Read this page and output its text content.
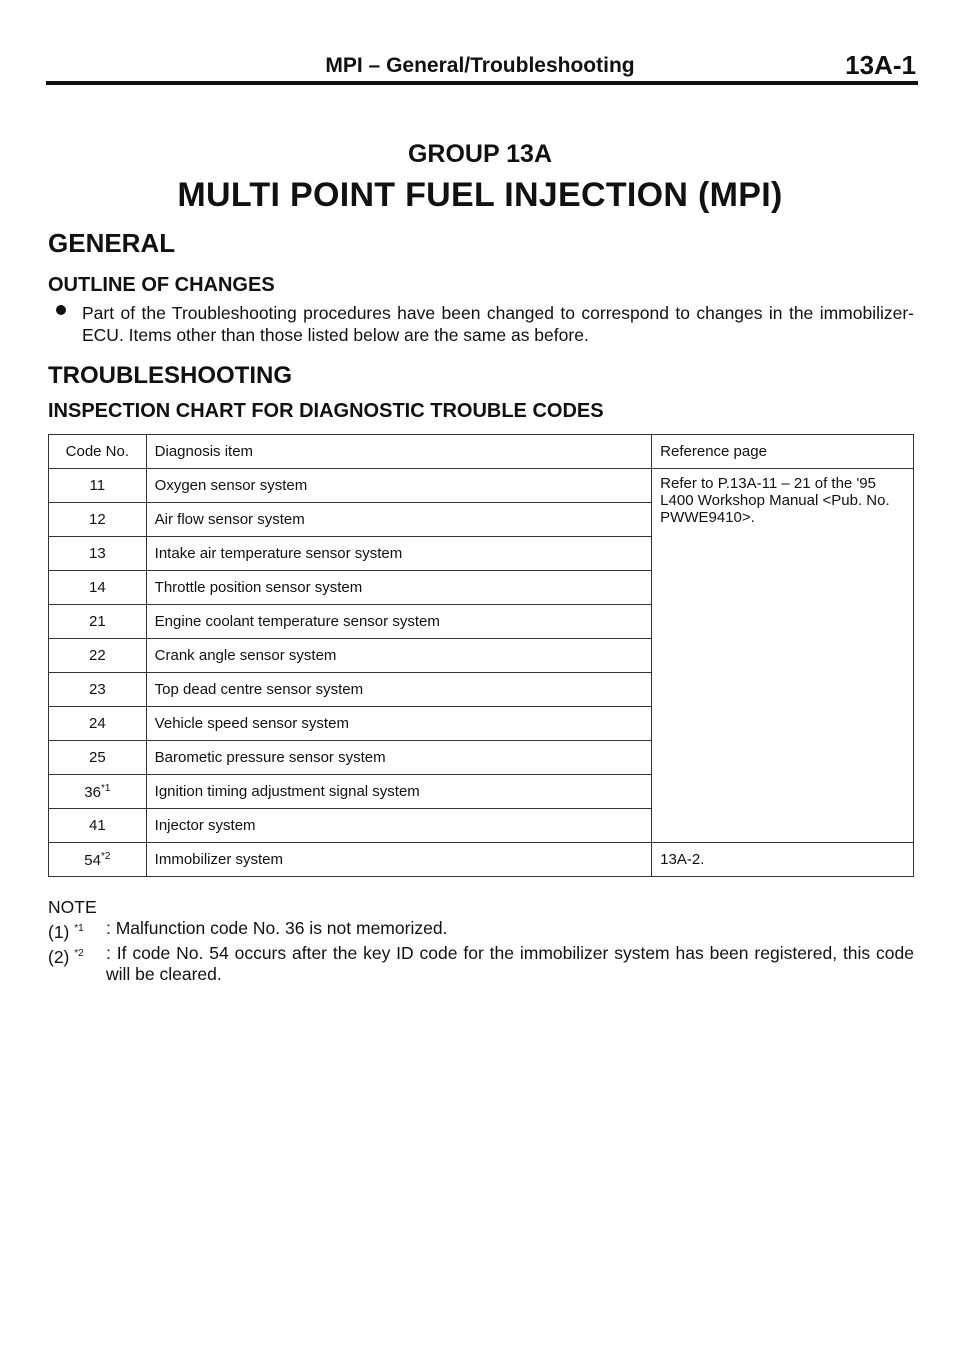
MPI – General/Troubleshooting	13A-1
GROUP 13A
MULTI POINT FUEL INJECTION (MPI)
GENERAL
OUTLINE OF CHANGES
Part of the Troubleshooting procedures have been changed to correspond to changes in the immobilizer-ECU. Items other than those listed below are the same as before.
TROUBLESHOOTING
INSPECTION CHART FOR DIAGNOSTIC TROUBLE CODES
Code No.	Diagnosis item	Reference page
11	Oxygen sensor system	Refer to P.13A-11 – 21 of the '95 L400 Workshop Manual <Pub. No. PWWE9410>.
12	Air flow sensor system	
13	Intake air temperature sensor system	
14	Throttle position sensor system	
21	Engine coolant temperature sensor system	
22	Crank angle sensor system	
23	Top dead centre sensor system	
24	Vehicle speed sensor system	
25	Barometic pressure sensor system	
36$^{*1}$	Ignition timing adjustment signal system	
41	Injector system	
54$^{*2}$	Immobilizer system	13A-2.
NOTE
(1) $^{*1}$	: Malfunction code No. 36 is not memorized.
(2) $^{*2}$	: If code No. 54 occurs after the key ID code for the immobilizer system has been registered, this code will be cleared.
